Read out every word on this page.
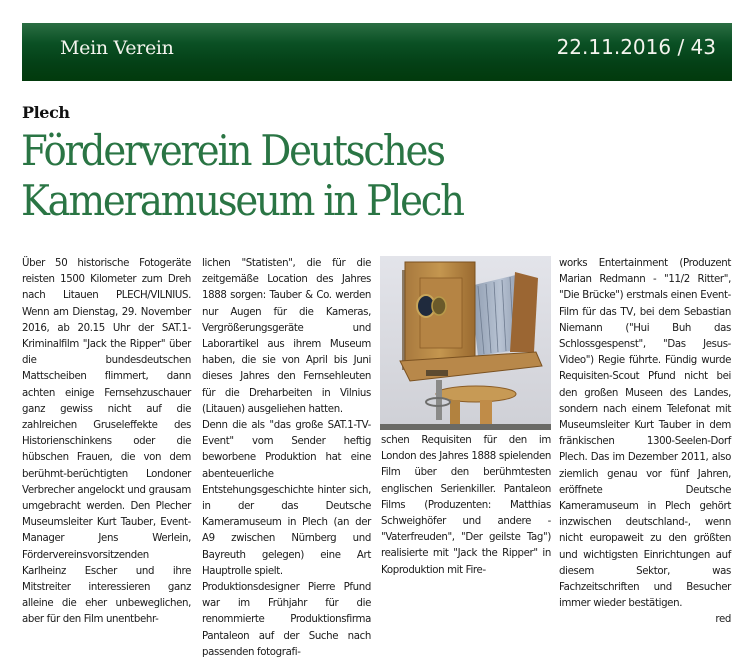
Mein Verein	22.11.2016 / 43
Plech
Förderverein Deutsches
Kameramuseum in Plech

Über 50 historische Fotogeräte reisten 1500 Kilometer zum Dreh nach Litauen PLECH/VILNIUS. Wenn am Dienstag, 29. November 2016, ab 20.15 Uhr der SAT.1-Kriminalfilm "Jack the Ripper" über die bundesdeutschen Mattscheiben flimmert, dann achten einige Fernsehzuschauer ganz gewiss nicht auf die zahlreichen Gruseleffekte des Historienschinkens oder die hübschen Frauen, die von dem berühmt-berüchtigten Londoner Verbrecher angelockt und grausam umgebracht werden. Den Plecher Museumsleiter Kurt Tauber, Event-Manager Jens Werlein, Fördervereinsvorsitzenden Karlheinz Escher und ihre Mitstreiter interessieren ganz alleine die eher unbeweglichen, aber für den Film unentbehr-

lichen "Statisten", die für die zeitgemäße Location des Jahres 1888 sorgen: Tauber & Co. werden nur Augen für die Kameras, Vergrößerungsgeräte und Laborartikel aus ihrem Museum haben, die sie von April bis Juni dieses Jahres den Fernsehleuten für die Dreharbeiten in Vilnius (Litauen) ausgeliehen hatten.

Denn die als "das große SAT.1-TV-Event" vom Sender heftig beworbene Produktion hat eine abenteuerliche Entstehungsgeschichte hinter sich, in der das Deutsche Kameramuseum in Plech (an der A9 zwischen Nürnberg und Bayreuth gelegen) eine Art Hauptrolle spielt.

Produktionsdesigner Pierre Pfund war im Frühjahr für die renommierte Produktionsfirma Pantaleon auf der Suche nach passenden fotografi-

schen Requisiten für den im London des Jahres 1888 spielenden Film über den berühmtesten englischen Serienkiller. Pantaleon Films (Produzenten: Matthias Schweighöfer und andere - "Vaterfreuden", "Der geilste Tag") realisierte mit "Jack the Ripper" in Koproduktion mit Fire-

works Entertainment (Produzent Marian Redmann - "11/2 Ritter", "Die Brücke") erstmals einen Event-Film für das TV, bei dem Sebastian Niemann ("Hui Buh das Schlossgespenst", "Das Jesus-Video") Regie führte. Fündig wurde Requisiten-Scout Pfund nicht bei den großen Museen des Landes, sondern nach einem Telefonat mit Museumsleiter Kurt Tauber in dem fränkischen 1300-Seelen-Dorf Plech. Das im Dezember 2011, also ziemlich genau vor fünf Jahren, eröffnete Deutsche Kameramuseum in Plech gehört inzwischen deutschland-, wenn nicht europaweit zu den größten und wichtigsten Einrichtungen auf diesem Sektor, was Fachzeitschriften und Besucher immer wieder bestätigen.

red
